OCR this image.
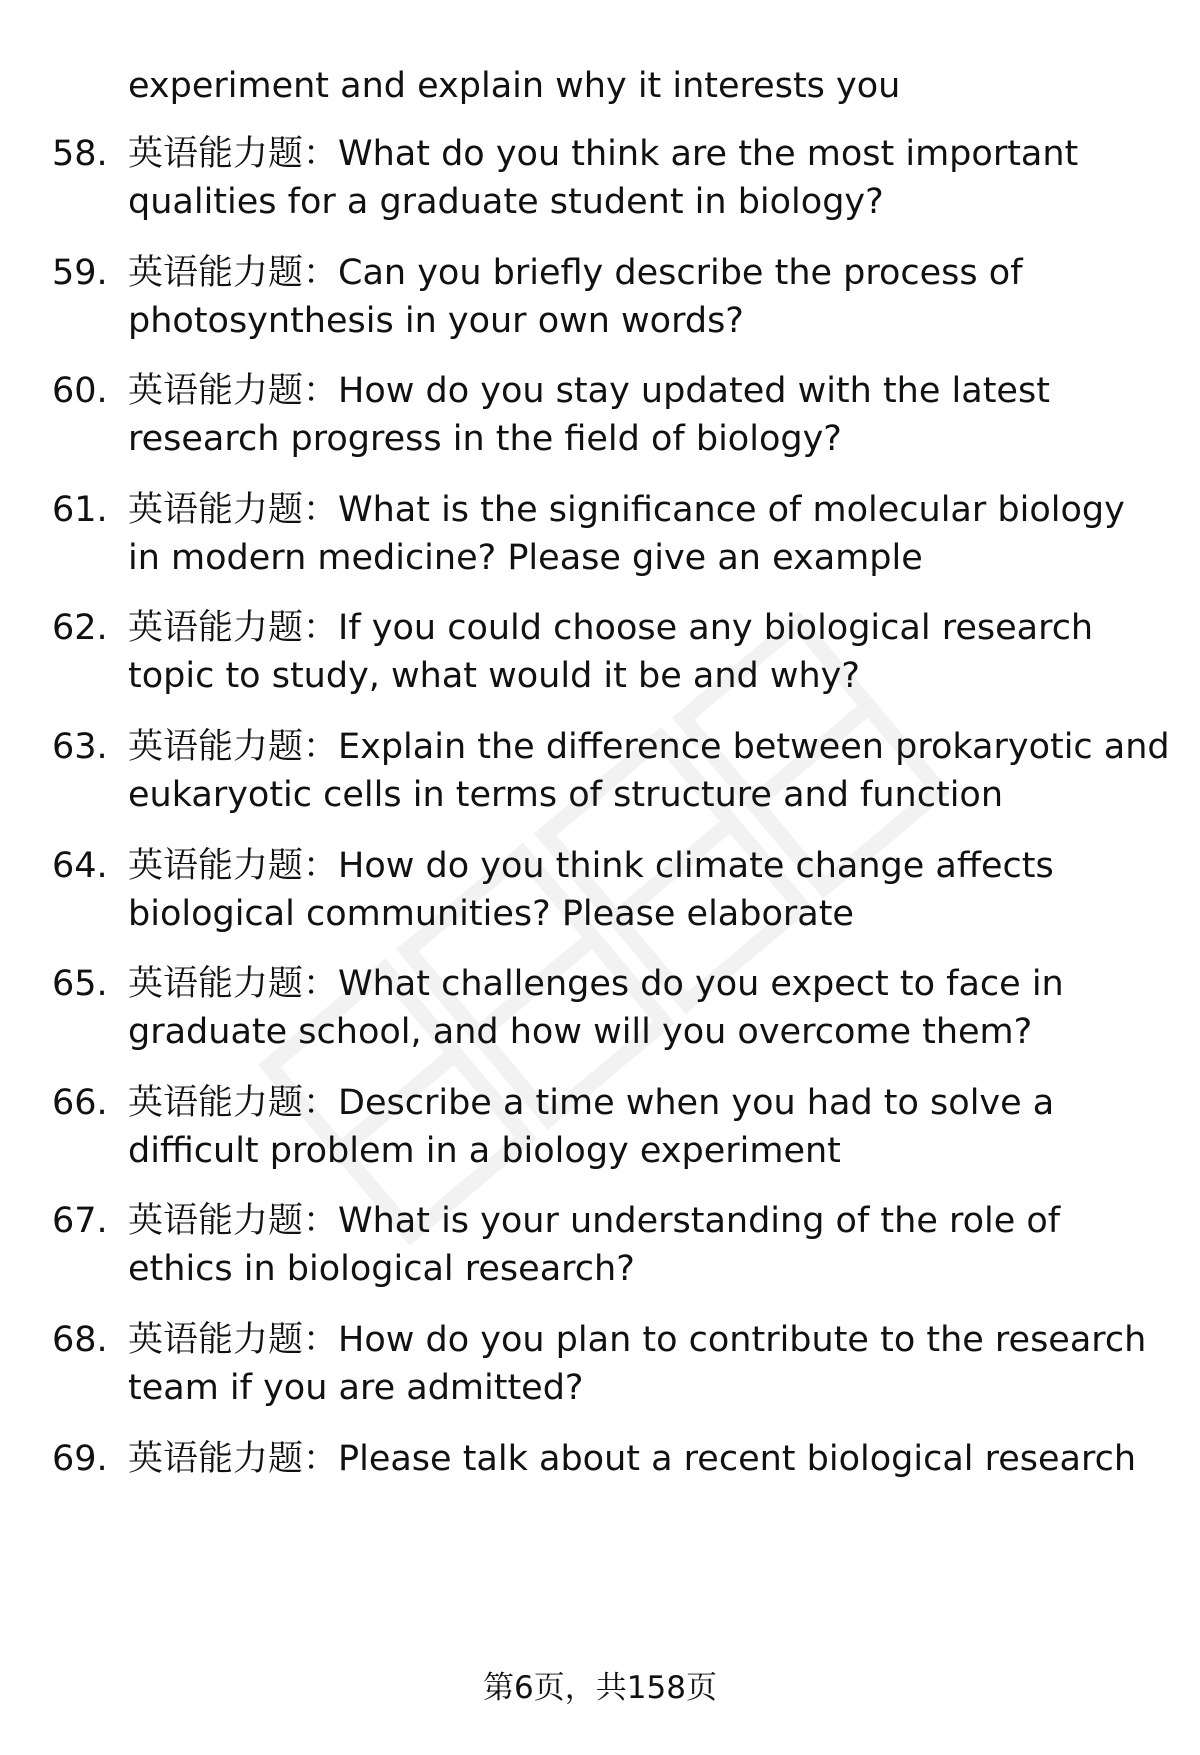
experiment and explain why it interests you
58. 英语能力题：What do you think are the most important
qualities for a graduate student in biology?
59. 英语能力题：Can you briefly describe the process of
photosynthesis in your own words?
60. 英语能力题：How do you stay updated with the latest
research progress in the field of biology?
61. 英语能力题：What is the significance of molecular biology
in modern medicine? Please give an example
62. 英语能力题：If you could choose any biological research
topic to study, what would it be and why?
63. 英语能力题：Explain the difference between prokaryotic and
eukaryotic cells in terms of structure and function
64. 英语能力题：How do you think climate change affects
biological communities? Please elaborate
65. 英语能力题：What challenges do you expect to face in
graduate school, and how will you overcome them?
66. 英语能力题：Describe a time when you had to solve a
difficult problem in a biology experiment
67. 英语能力题：What is your understanding of the role of
ethics in biological research?
68. 英语能力题：How do you plan to contribute to the research
team if you are admitted?
69. 英语能力题：Please talk about a recent biological research
第6页，共158页
